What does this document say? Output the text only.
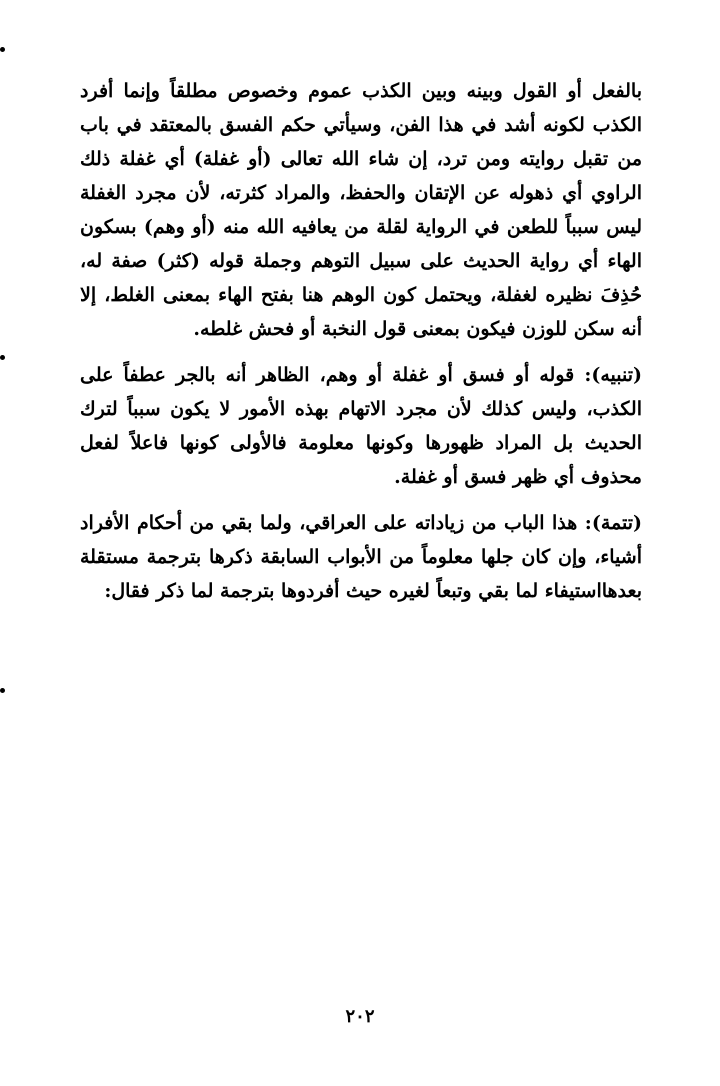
بالفعل أو القول وبينه وبين الكذب عموم وخصوص مطلقاً وإنما أفرد الكذب لكونه أشد في هذا الفن، وسيأتي حكم الفسق بالمعتقد في باب من تقبل روايته ومن ترد، إن شاء الله تعالى (أو غفلة) أي غفلة ذلك الراوي أي ذهوله عن الإتقان والحفظ، والمراد كثرته، لأن مجرد الغفلة ليس سبباً للطعن في الرواية لقلة من يعافيه الله منه (أو وهم) بسكون الهاء أي رواية الحديث على سبيل التوهم وجملة قوله (كثر) صفة له، حُذِفَ نظيره لغفلة، ويحتمل كون الوهم هنا بفتح الهاء بمعنى الغلط، إلا أنه سكن للوزن فيكون بمعنى قول النخبة أو فحش غلطه.

(تنبيه): قوله أو فسق أو غفلة أو وهم، الظاهر أنه بالجر عطفاً على الكذب، وليس كذلك لأن مجرد الاتهام بهذه الأمور لا يكون سبباً لترك الحديث بل المراد ظهورها وكونها معلومة فالأولى كونها فاعلاً لفعل محذوف أي ظهر فسق أو غفلة.

(تتمة): هذا الباب من زياداته على العراقي، ولما بقي من أحكام الأفراد أشياء، وإن كان جلها معلوماً من الأبواب السابقة ذكرها بترجمة مستقلة بعدهااستيفاء لما بقي وتبعاً لغيره حيث أفردوها بترجمة لما ذكر فقال:

٢٠٢
